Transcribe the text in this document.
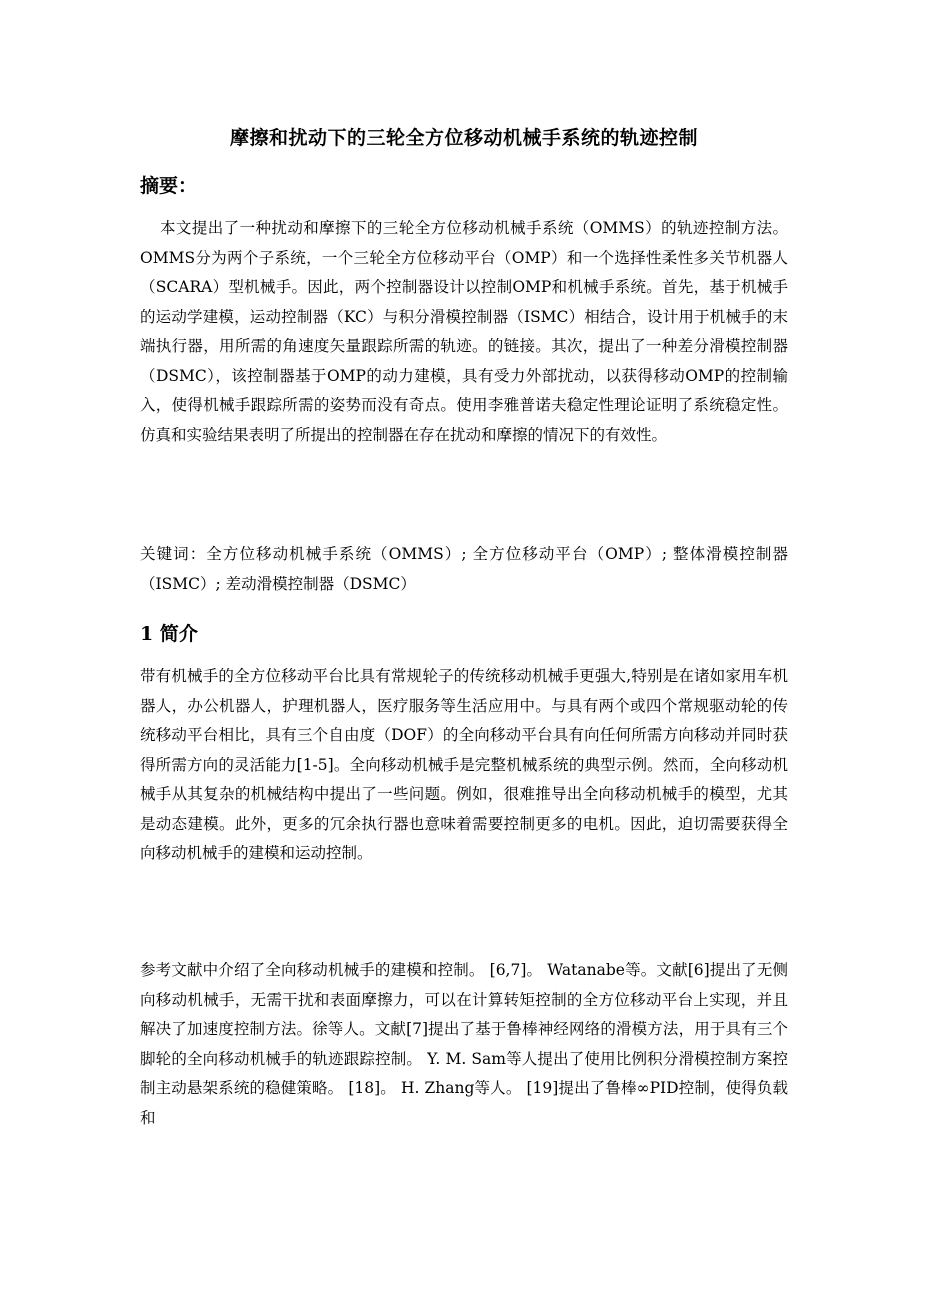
摩擦和扰动下的三轮全方位移动机械手系统的轨迹控制
摘要：

本文提出了一种扰动和摩擦下的三轮全方位移动机械手系统（OMMS）的轨迹控制方法。OMMS分为两个子系统，一个三轮全方位移动平台（OMP）和一个选择性柔性多关节机器人（SCARA）型机械手。因此，两个控制器设计以控制OMP和机械手系统。首先，基于机械手的运动学建模，运动控制器（KC）与积分滑模控制器（ISMC）相结合，设计用于机械手的末端执行器，用所需的角速度矢量跟踪所需的轨迹。的链接。其次，提出了一种差分滑模控制器（DSMC），该控制器基于OMP的动力建模，具有受力外部扰动，以获得移动OMP的控制输入，使得机械手跟踪所需的姿势而没有奇点。使用李雅普诺夫稳定性理论证明了系统稳定性。仿真和实验结果表明了所提出的控制器在存在扰动和摩擦的情况下的有效性。

关键词：全方位移动机械手系统（OMMS）; 全方位移动平台（OMP）; 整体滑模控制器（ISMC）; 差动滑模控制器（DSMC）

1 简介

带有机械手的全方位移动平台比具有常规轮子的传统移动机械手更强大,特别是在诸如家用车机器人，办公机器人，护理机器人，医疗服务等生活应用中。与具有两个或四个常规驱动轮的传统移动平台相比，具有三个自由度（DOF）的全向移动平台具有向任何所需方向移动并同时获得所需方向的灵活能力[1-5]。全向移动机械手是完整机械系统的典型示例。然而，全向移动机械手从其复杂的机械结构中提出了一些问题。例如，很难推导出全向移动机械手的模型，尤其是动态建模。此外，更多的冗余执行器也意味着需要控制更多的电机。因此，迫切需要获得全向移动机械手的建模和运动控制。

参考文献中介绍了全向移动机械手的建模和控制。 [6,7]。 Watanabe等。文献[6]提出了无侧向移动机械手，无需干扰和表面摩擦力，可以在计算转矩控制的全方位移动平台上实现，并且解决了加速度控制方法。徐等人。文献[7]提出了基于鲁棒神经网络的滑模方法，用于具有三个脚轮的全向移动机械手的轨迹跟踪控制。 Y. M. Sam等人提出了使用比例积分滑模控制方案控制主动悬架系统的稳健策略。 [18]。 H. Zhang等人。 [19]提出了鲁棒∞PID控制，使得负载和
